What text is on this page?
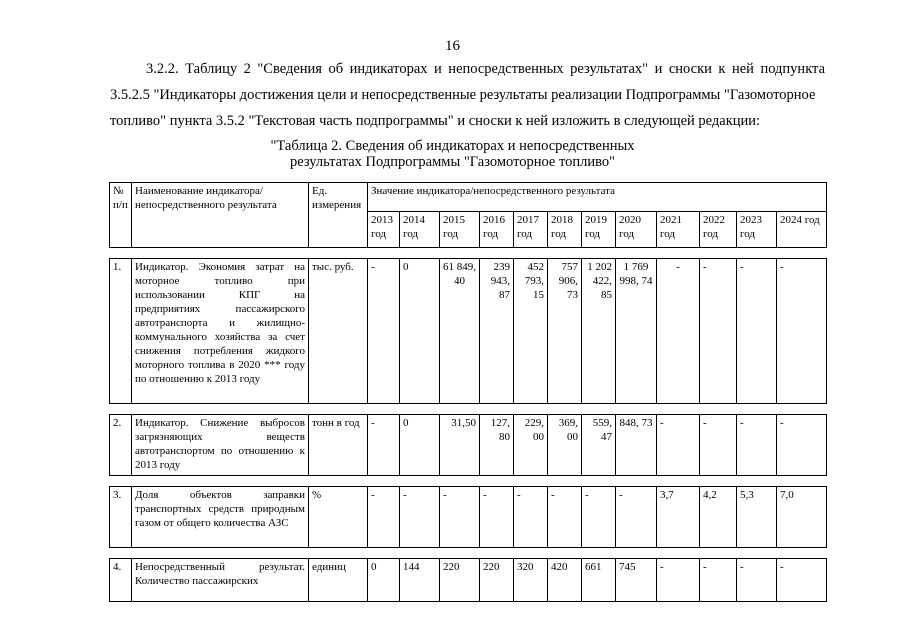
16

3.2.2. Таблицу 2 "Сведения об индикаторах и непосредственных результатах" и сноски к ней подпункта

3.5.2.5 "Индикаторы достижения цели и непосредственные результаты реализации Подпрограммы "Газомоторное

топливо" пункта 3.5.2 "Текстовая часть подпрограммы" и сноски к ней изложить в следующей редакции:

"Таблица 2. Сведения об индикаторах и непосредственных
результатах Подпрограммы "Газомоторное топливо"
№ п/п	Наименование индикатора/непосредственного результата	Ед. измерения	Значение индикатора/непосредственного результата											
			2013 год	2014 год	2015 год	2016 год	2017 год	2018 год	2019 год	2020 год	2021 год	2022 год	2023 год	2024 год

1.	Индикатор. Экономия затрат на моторное топливо при использовании КПГ на предприятиях пассажирского автотранспорта и жилищно-коммунального хозяйства за счет снижения потребления жидкого моторного топлива в 2020 *** году по отношению к 2013 году	тыс. руб.	-	0	61 849, 40	239 943, 87	452 793, 15	757 906, 73	1 202 422, 85	1 769 998, 74	-	-	-	-

2.	Индикатор. Снижение выбросов загрязняющих веществ автотранспортом по отношению к 2013 году	тонн в год	-	0	31,50	127, 80	229, 00	369, 00	559, 47	848, 73	-	-	-	-

3.	Доля объектов заправки транспортных средств природным газом от общего количества АЗС	%	-	-	-	-	-	-	-	-	3,7	4,2	5,3	7,0

4.	Непосредственный результат. Количество пассажирских	единиц	0	144	220	220	320	420	661	745	-	-	-	-
